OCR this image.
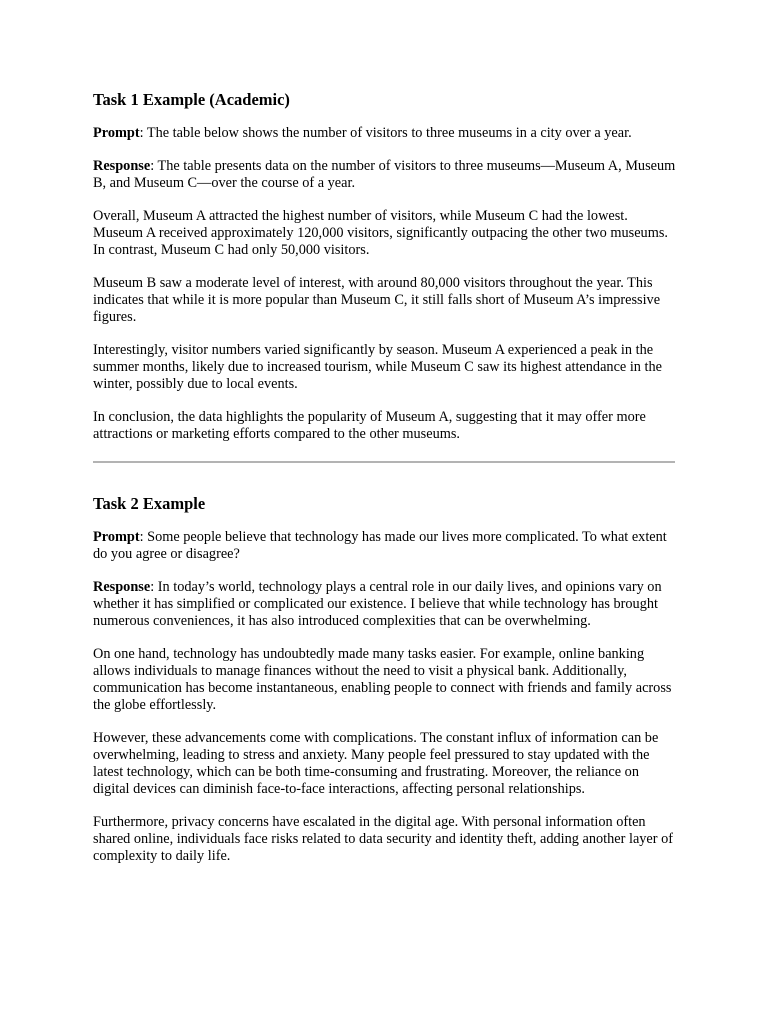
Task 1 Example (Academic)

Prompt: The table below shows the number of visitors to three museums in a city over a year.

Response: The table presents data on the number of visitors to three museums—Museum A, Museum B, and Museum C—over the course of a year.

Overall, Museum A attracted the highest number of visitors, while Museum C had the lowest. Museum A received approximately 120,000 visitors, significantly outpacing the other two museums. In contrast, Museum C had only 50,000 visitors.

Museum B saw a moderate level of interest, with around 80,000 visitors throughout the year. This indicates that while it is more popular than Museum C, it still falls short of Museum A’s impressive figures.

Interestingly, visitor numbers varied significantly by season. Museum A experienced a peak in the summer months, likely due to increased tourism, while Museum C saw its highest attendance in the winter, possibly due to local events.

In conclusion, the data highlights the popularity of Museum A, suggesting that it may offer more attractions or marketing efforts compared to the other museums.

Task 2 Example

Prompt: Some people believe that technology has made our lives more complicated. To what extent do you agree or disagree?

Response: In today’s world, technology plays a central role in our daily lives, and opinions vary on whether it has simplified or complicated our existence. I believe that while technology has brought numerous conveniences, it has also introduced complexities that can be overwhelming.

On one hand, technology has undoubtedly made many tasks easier. For example, online banking allows individuals to manage finances without the need to visit a physical bank. Additionally, communication has become instantaneous, enabling people to connect with friends and family across the globe effortlessly.

However, these advancements come with complications. The constant influx of information can be overwhelming, leading to stress and anxiety. Many people feel pressured to stay updated with the latest technology, which can be both time-consuming and frustrating. Moreover, the reliance on digital devices can diminish face-to-face interactions, affecting personal relationships.

Furthermore, privacy concerns have escalated in the digital age. With personal information often shared online, individuals face risks related to data security and identity theft, adding another layer of complexity to daily life.
